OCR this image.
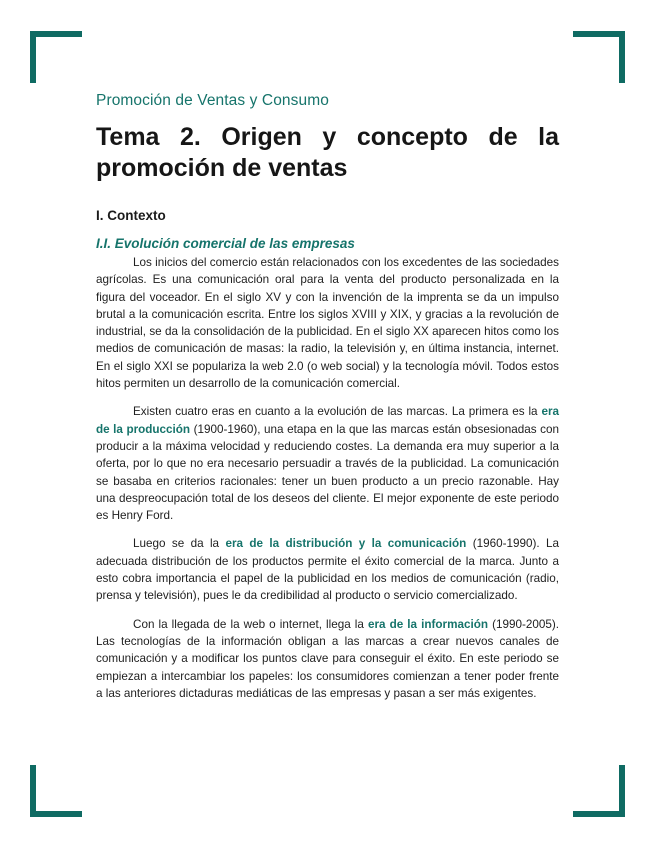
Promoción de Ventas y Consumo
Tema 2. Origen y concepto de la promoción de ventas
I. Contexto
I.I. Evolución comercial de las empresas

Los inicios del comercio están relacionados con los excedentes de las sociedades agrícolas. Es una comunicación oral para la venta del producto personalizada en la figura del voceador. En el siglo XV y con la invención de la imprenta se da un impulso brutal a la comunicación escrita. Entre los siglos XVIII y XIX, y gracias a la revolución de industrial, se da la consolidación de la publicidad. En el siglo XX aparecen hitos como los medios de comunicación de masas: la radio, la televisión y, en última instancia, internet. En el siglo XXI se populariza la web 2.0 (o web social) y la tecnología móvil. Todos estos hitos permiten un desarrollo de la comunicación comercial.

Existen cuatro eras en cuanto a la evolución de las marcas. La primera es la era de la producción (1900-1960), una etapa en la que las marcas están obsesionadas con producir a la máxima velocidad y reduciendo costes. La demanda era muy superior a la oferta, por lo que no era necesario persuadir a través de la publicidad. La comunicación se basaba en criterios racionales: tener un buen producto a un precio razonable. Hay una despreocupación total de los deseos del cliente. El mejor exponente de este periodo es Henry Ford.

Luego se da la era de la distribución y la comunicación (1960-1990). La adecuada distribución de los productos permite el éxito comercial de la marca. Junto a esto cobra importancia el papel de la publicidad en los medios de comunicación (radio, prensa y televisión), pues le da credibilidad al producto o servicio comercializado.

Con la llegada de la web o internet, llega la era de la información (1990-2005). Las tecnologías de la información obligan a las marcas a crear nuevos canales de comunicación y a modificar los puntos clave para conseguir el éxito. En este periodo se empiezan a intercambiar los papeles: los consumidores comienzan a tener poder frente a las anteriores dictaduras mediáticas de las empresas y pasan a ser más exigentes.
